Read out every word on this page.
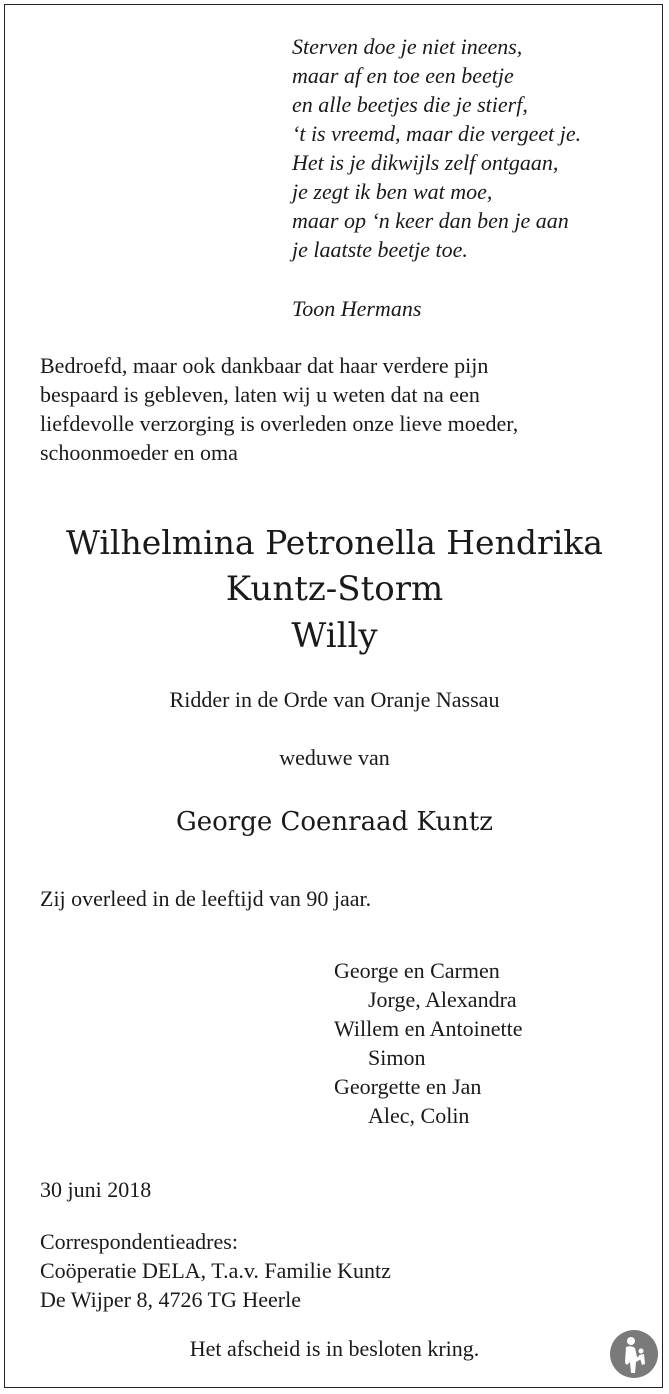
Sterven doe je niet ineens,
maar af en toe een beetje
en alle beetjes die je stierf,
‘t is vreemd, maar die vergeet je.
Het is je dikwijls zelf ontgaan,
je zegt ik ben wat moe,
maar op ‘n keer dan ben je aan
je laatste beetje toe.
Toon Hermans
Bedroefd, maar ook dankbaar dat haar verdere pijn
bespaard is gebleven, laten wij u weten dat na een
liefdevolle verzorging is overleden onze lieve moeder,
schoonmoeder en oma
Wilhelmina Petronella Hendrika
Kuntz-Storm
Willy
Ridder in de Orde van Oranje Nassau
weduwe van
George Coenraad Kuntz
Zij overleed in de leeftijd van 90 jaar.
George en Carmen
Jorge, Alexandra
Willem en Antoinette
Simon
Georgette en Jan
Alec, Colin
30 juni 2018
Correspondentieadres:
Coöperatie DELA, T.a.v. Familie Kuntz
De Wijper 8, 4726 TG Heerle
Het afscheid is in besloten kring.
